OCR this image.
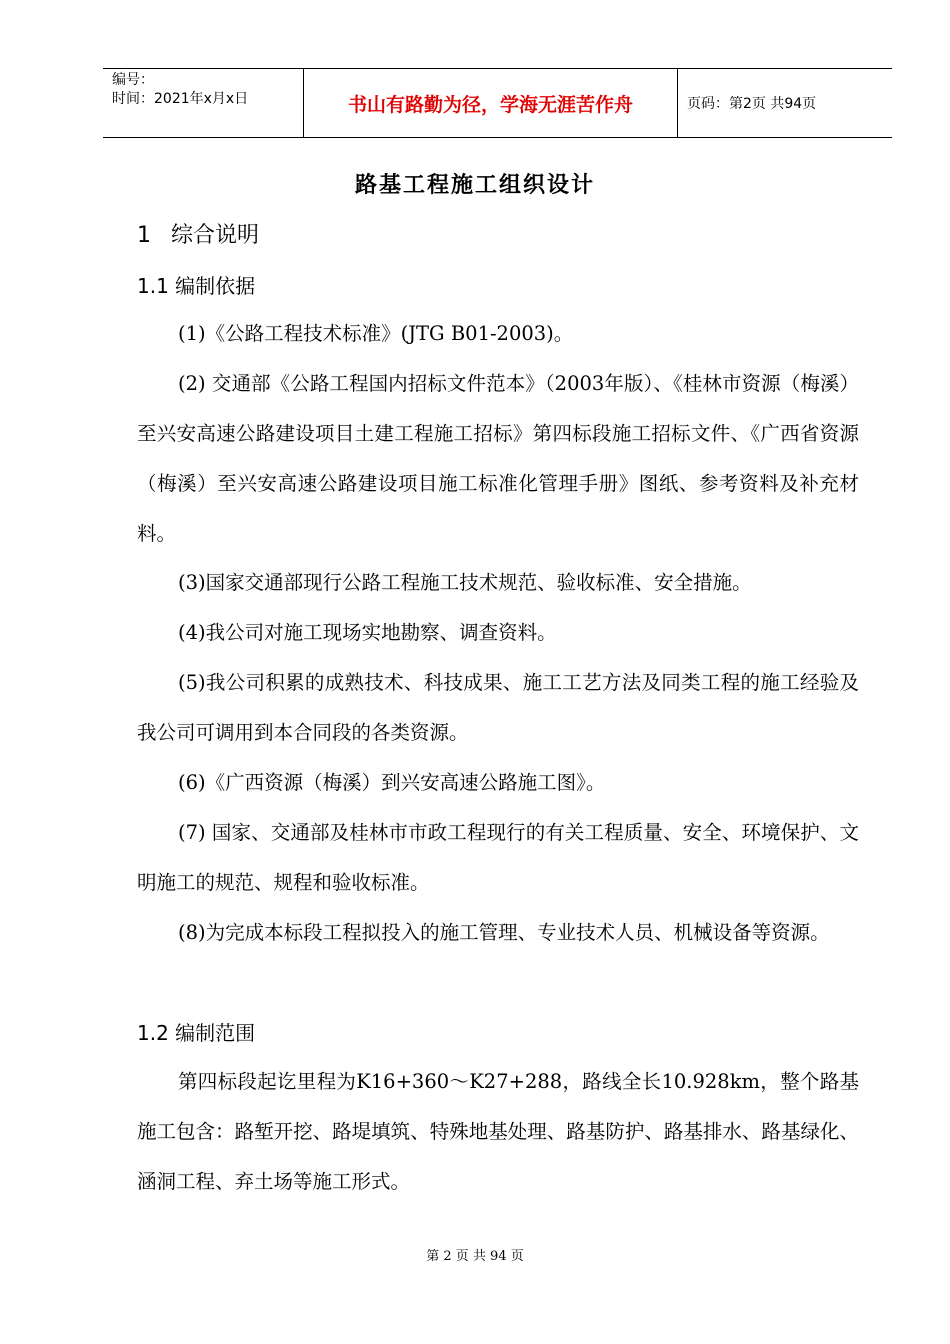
编号：
时间：2021年x月x日	书山有路勤为径，学海无涯苦作舟	页码：第2页 共94页
路基工程施工组织设计
1 综合说明
1.1 编制依据
(1)《公路工程技术标准》(JTG B01-2003)。
(2) 交通部《公路工程国内招标文件范本》（2003年版）、《桂林市资源（梅溪）至兴安高速公路建设项目土建工程施工招标》第四标段施工招标文件、《广西省资源（梅溪）至兴安高速公路建设项目施工标准化管理手册》图纸、参考资料及补充材料。
(3)国家交通部现行公路工程施工技术规范、验收标准、安全措施。
(4)我公司对施工现场实地勘察、调查资料。
(5)我公司积累的成熟技术、科技成果、施工工艺方法及同类工程的施工经验及我公司可调用到本合同段的各类资源。
(6)《广西资源（梅溪）到兴安高速公路施工图》。
(7) 国家、交通部及桂林市市政工程现行的有关工程质量、安全、环境保护、文明施工的规范、规程和验收标准。
(8)为完成本标段工程拟投入的施工管理、专业技术人员、机械设备等资源。
1.2 编制范围
第四标段起讫里程为K16+360～K27+288，路线全长10.928km，整个路基施工包含：路堑开挖、路堤填筑、特殊地基处理、路基防护、路基排水、路基绿化、涵洞工程、弃土场等施工形式。
第 2 页 共 94 页
